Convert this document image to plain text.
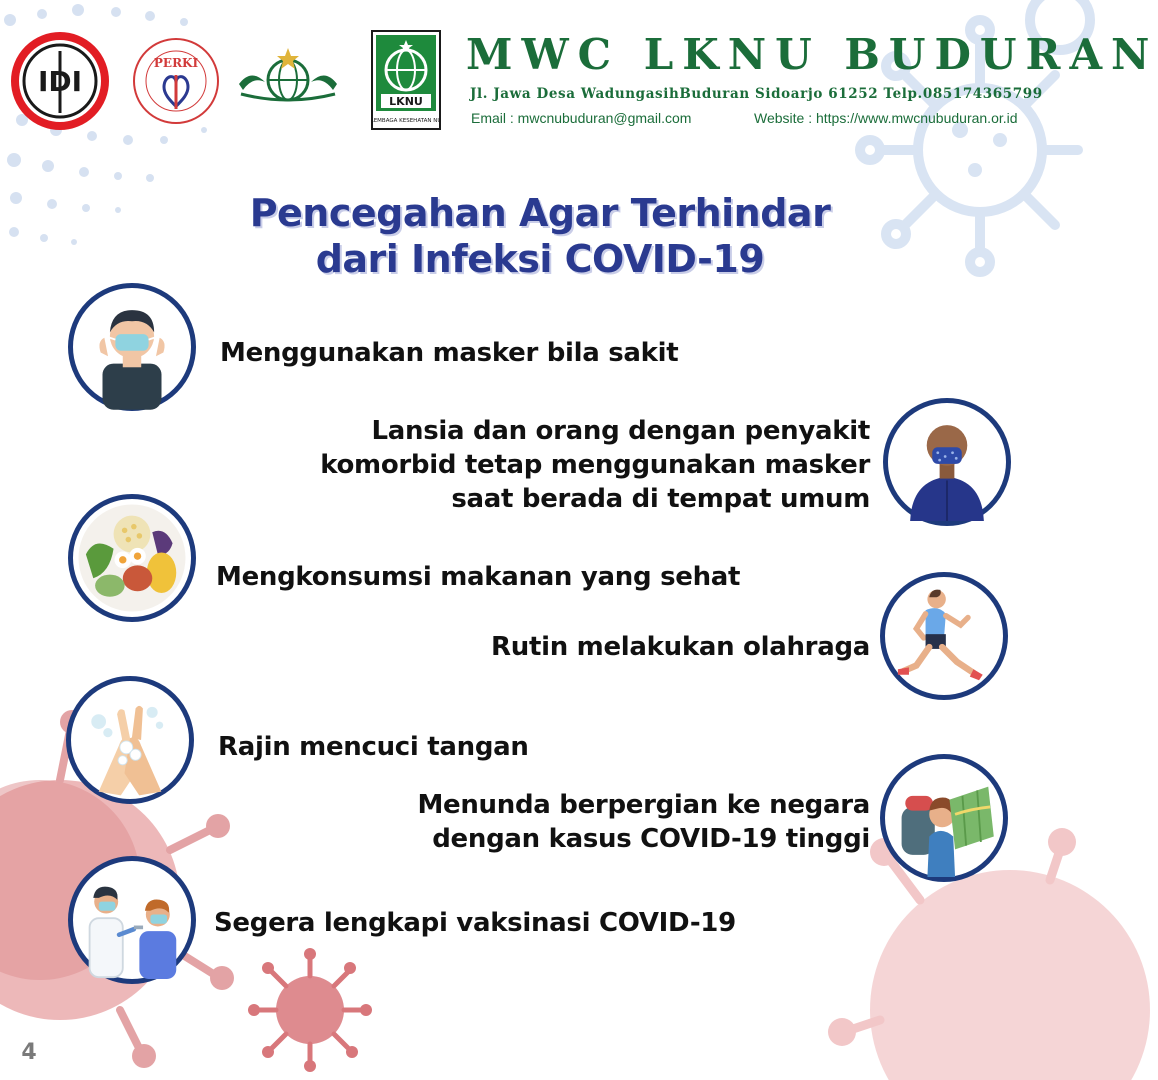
IDI
PERKI
LKNU
LEMBAGA KESEHATAN NU
MWC LKNU BUDURAN
Jl. Jawa Desa WadungasihBuduran Sidoarjo 61252 Telp.085174365799
Email : mwcnubuduran@gmail.com	Website : https://www.mwcnubuduran.or.id
Pencegahan Agar Terhindar
dari Infeksi COVID-19
Menggunakan masker bila sakit
Lansia dan orang dengan penyakit
komorbid tetap menggunakan masker
saat berada di tempat umum
Mengkonsumsi makanan yang sehat
Rutin melakukan olahraga
Rajin mencuci tangan
Menunda berpergian ke negara
dengan kasus COVID-19 tinggi
Segera lengkapi vaksinasi COVID-19
4
